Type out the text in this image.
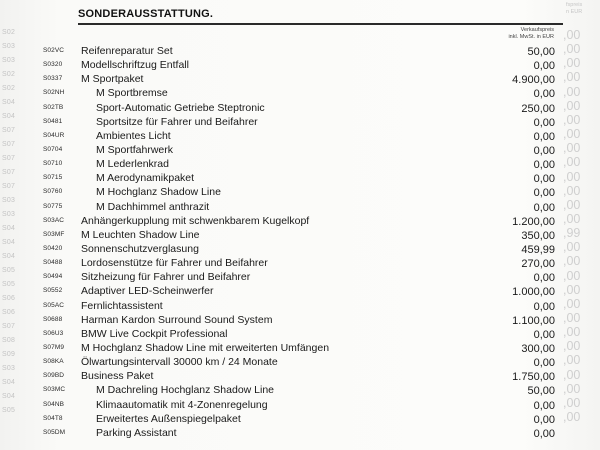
S02
S03
S03
S02
S02
S04
S04
S07
S07
S07
S07
S07
S03
S03
S04
S04
S04
S05
S05
S06
S06
S07
S08
S09
S03
S04
S04
S05
fspreis
n EUR
,00
,00
,00
,00
,00
,00
,00
,00
,00
,00
,00
,00
,00
,00
,99
,00
,00
,00
,00
,00
,00
,00
,00
,00
,00
,00
,00
,00
SONDERAUSSTATTUNG.
Verkaufspreis
inkl. MwSt. in EUR
S02VC Reifenreparatur Set	50,00
S0320 Modellschriftzug Entfall	0,00
S0337 M Sportpaket	4.900,00
S02NH	M Sportbremse	0,00
S02TB	Sport-Automatic Getriebe Steptronic	250,00
S0481	Sportsitze für Fahrer und Beifahrer	0,00
S04UR	Ambientes Licht	0,00
S0704	M Sportfahrwerk	0,00
S0710	M Lederlenkrad	0,00
S0715	M Aerodynamikpaket	0,00
S0760	M Hochglanz Shadow Line	0,00
S0775	M Dachhimmel anthrazit	0,00
S03AC Anhängerkupplung mit schwenkbarem Kugelkopf	1.200,00
S03MF M Leuchten Shadow Line	350,00
S0420 Sonnenschutzverglasung	459,99
S0488 Lordosenstütze für Fahrer und Beifahrer	270,00
S0494 Sitzheizung für Fahrer und Beifahrer	0,00
S0552 Adaptiver LED-Scheinwerfer	1.000,00
S05AC Fernlichtassistent	0,00
S0688 Harman Kardon Surround Sound System	1.100,00
S06U3 BMW Live Cockpit Professional	0,00
S07M9 M Hochglanz Shadow Line mit erweiterten Umfängen	300,00
S08KA Ölwartungsintervall 30000 km / 24 Monate	0,00
S09BD Business Paket	1.750,00
S03MC	M Dachreling Hochglanz Shadow Line	50,00
S04NB	Klimaautomatik mit 4-Zonenregelung	0,00
S04T8	Erweitertes Außenspiegelpaket	0,00
S05DM	Parking Assistant	0,00
